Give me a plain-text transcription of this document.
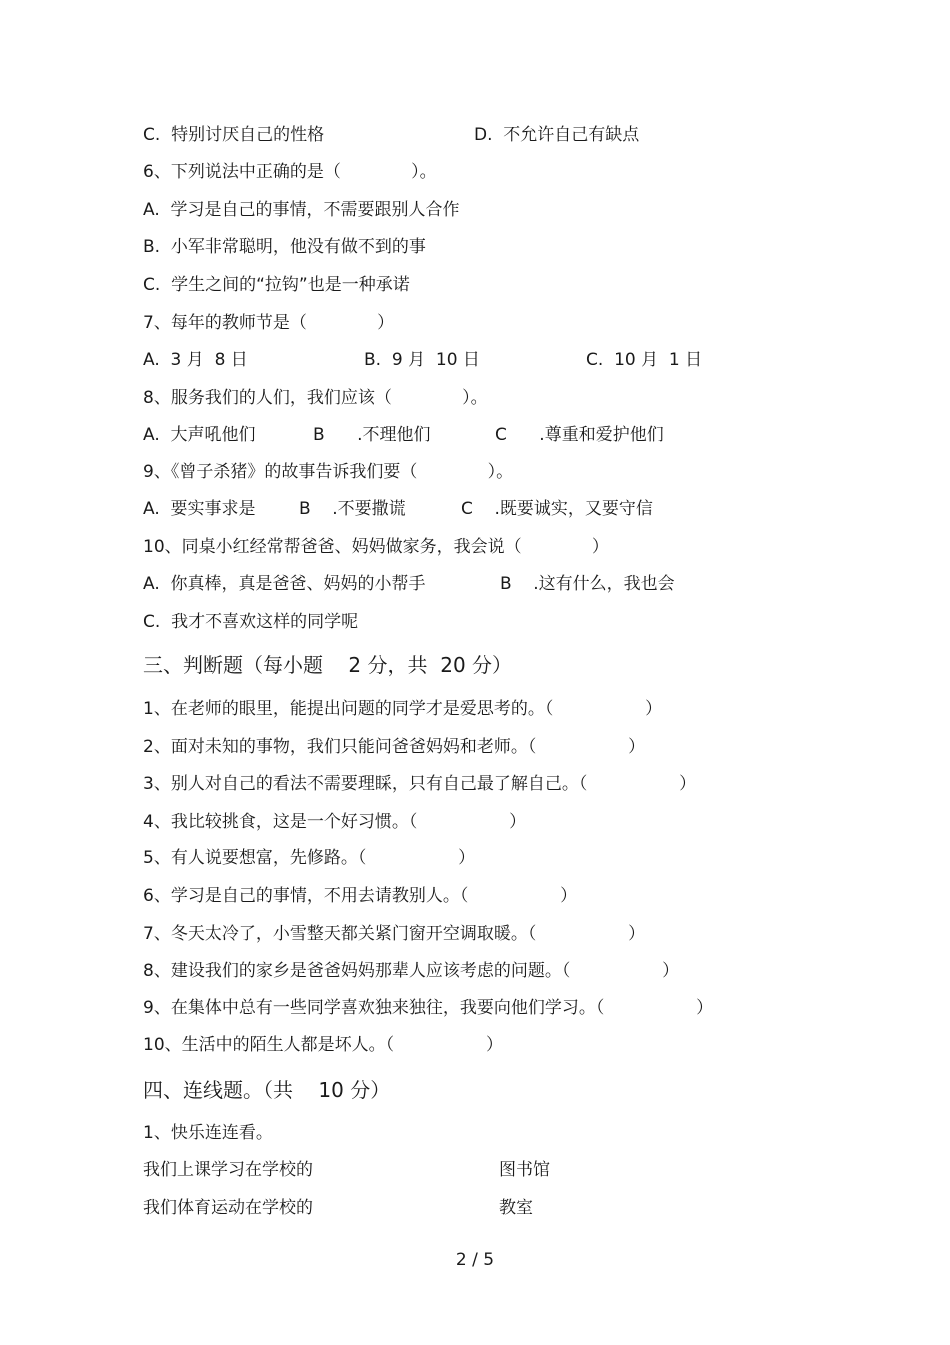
C.  特别讨厌自己的性格	D.  不允许自己有缺点
6、下列说法中正确的是（             ）。
A.  学习是自己的事情，不需要跟别人合作
B.  小军非常聪明，他没有做不到的事
C.  学生之间的“拉钩”也是一种承诺
7、每年的教师节是（             ）
A.  3 月  8 日	B.  9 月  10 日	C.  10 月  1 日
8、服务我们的人们，我们应该（             ）。
A.  大声吼他们	B      .不理他们	C      .尊重和爱护他们
9、《曾子杀猪》的故事告诉我们要（             ）。
A.  要实事求是	B    .不要撒谎	C    .既要诚实，又要守信
10、同桌小红经常帮爸爸、妈妈做家务，我会说（             ）
A.  你真棒，真是爸爸、妈妈的小帮手	B    .这有什么，我也会
C.  我才不喜欢这样的同学呢
三、判断题（每小题    2 分，共  20 分）
1、在老师的眼里，能提出问题的同学才是爱思考的。（                 ）
2、面对未知的事物，我们只能问爸爸妈妈和老师。（                 ）
3、别人对自己的看法不需要理睬，只有自己最了解自己。（                 ）
4、我比较挑食，这是一个好习惯。（                 ）
5、有人说要想富，先修路。（                 ）
6、学习是自己的事情，不用去请教别人。（                 ）
7、冬天太冷了，小雪整天都关紧门窗开空调取暖。（                 ）
8、建设我们的家乡是爸爸妈妈那辈人应该考虑的问题。（                 ）
9、在集体中总有一些同学喜欢独来独往，我要向他们学习。（                 ）
10、生活中的陌生人都是坏人。（                 ）
四、连线题。（共    10 分）
1、快乐连连看。
我们上课学习在学校的	图书馆
我们体育运动在学校的	教室
2 / 5
